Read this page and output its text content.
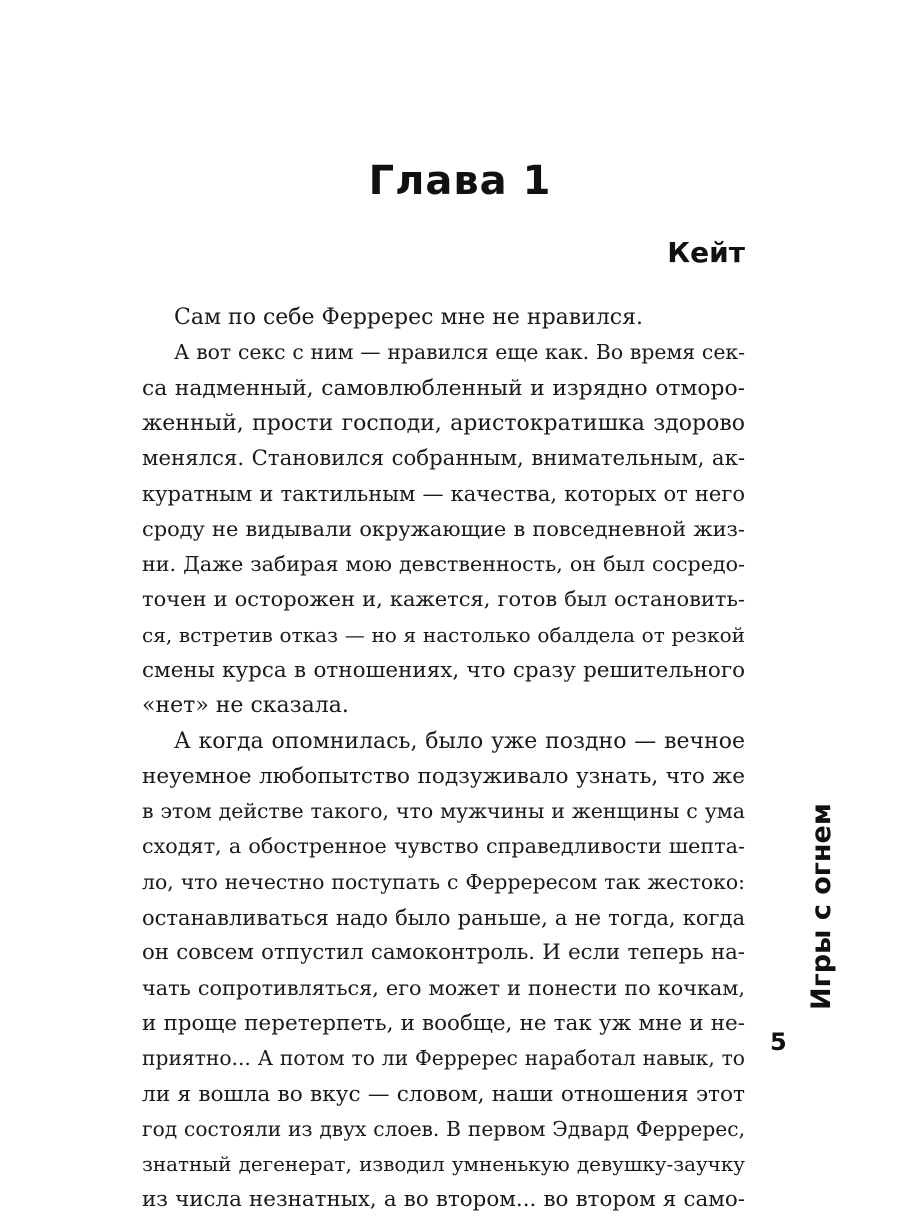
Глава 1
Кейт
Сам по себе Ферререс мне не нравился.
А вот секс с ним — нравился еще как. Во время сек-
са надменный, самовлюбленный и изрядно отморо-
женный, прости господи, аристократишка здорово
менялся. Становился собранным, внимательным, ак-
куратным и тактильным — качества, которых от него
сроду не видывали окружающие в повседневной жиз-
ни. Даже забирая мою девственность, он был сосредо-
точен и осторожен и, кажется, готов был остановить-
ся, встретив отказ — но я настолько обалдела от резкой
смены курса в отношениях, что сразу решительного
«нет» не сказала.
А когда опомнилась, было уже поздно — вечное
неуемное любопытство подзуживало узнать, что же
в этом действе такого, что мужчины и женщины с ума
сходят, а обостренное чувство справедливости шепта-
ло, что нечестно поступать с Феррересом так жестоко:
останавливаться надо было раньше, а не тогда, когда
он совсем отпустил самоконтроль. И если теперь на-
чать сопротивляться, его может и понести по кочкам,
и проще перетерпеть, и вообще, не так уж мне и не-
приятно... А потом то ли Ферререс наработал навык, то
ли я вошла во вкус — словом, наши отношения этот
год состояли из двух слоев. В первом Эдвард Ферререс,
знатный дегенерат, изводил умненькую девушку-заучку
из числа незнатных, а во втором... во втором я само-
Игры с огнем
5
